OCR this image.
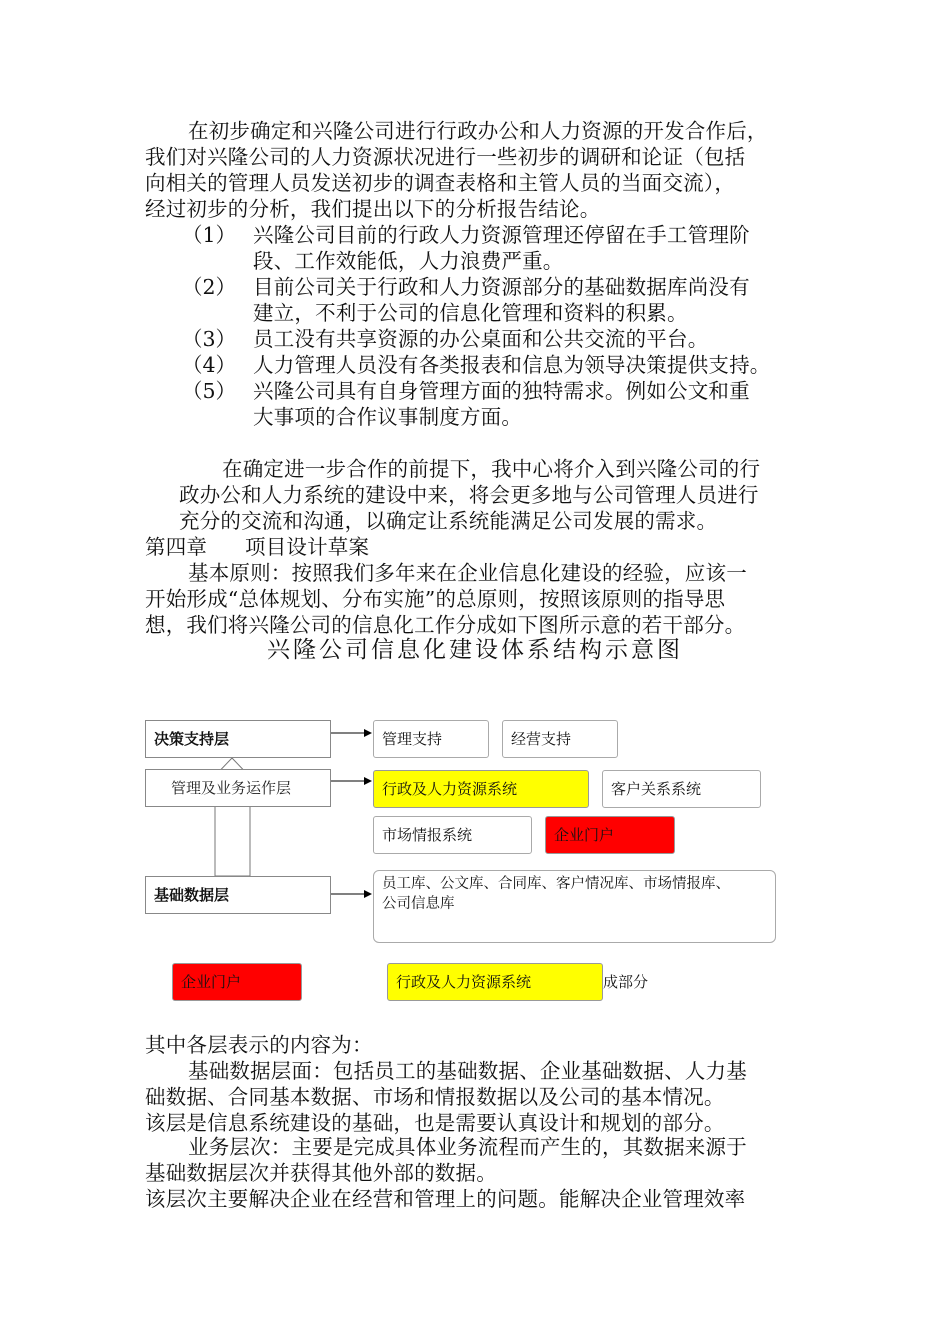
在初步确定和兴隆公司进行行政办公和人力资源的开发合作后，
我们对兴隆公司的人力资源状况进行一些初步的调研和论证（包括
向相关的管理人员发送初步的调查表格和主管人员的当面交流），
经过初步的分析，我们提出以下的分析报告结论。
（1） 兴隆公司目前的行政人力资源管理还停留在手工管理阶
段、工作效能低，人力浪费严重。
（2） 目前公司关于行政和人力资源部分的基础数据库尚没有
建立，不利于公司的信息化管理和资料的积累。
（3） 员工没有共享资源的办公桌面和公共交流的平台。
（4） 人力管理人员没有各类报表和信息为领导决策提供支持。
（5） 兴隆公司具有自身管理方面的独特需求。例如公文和重
大事项的合作议事制度方面。
在确定进一步合作的前提下，我中心将介入到兴隆公司的行
政办公和人力系统的建设中来，将会更多地与公司管理人员进行
充分的交流和沟通，以确定让系统能满足公司发展的需求。
第四章 项目设计草案
基本原则：按照我们多年来在企业信息化建设的经验，应该一
开始形成“总体规划、分布实施”的总原则，按照该原则的指导思
想，我们将兴隆公司的信息化工作分成如下图所示意的若干部分。
兴隆公司信息化建设体系结构示意图
决策支持层
管理及业务运作层
基础数据层
管理支持	经营支持
行政及人力资源系统	客户关系系统
市场情报系统	企业门户
员工库、公文库、合同库、客户情况库、市场情报库、
公司信息库
企业门户	行政及人力资源系统	成部分
其中各层表示的内容为：
基础数据层面：包括员工的基础数据、企业基础数据、人力基
础数据、合同基本数据、市场和情报数据以及公司的基本情况。
该层是信息系统建设的基础，也是需要认真设计和规划的部分。
业务层次：主要是完成具体业务流程而产生的，其数据来源于
基础数据层次并获得其他外部的数据。
该层次主要解决企业在经营和管理上的问题。能解决企业管理效率
